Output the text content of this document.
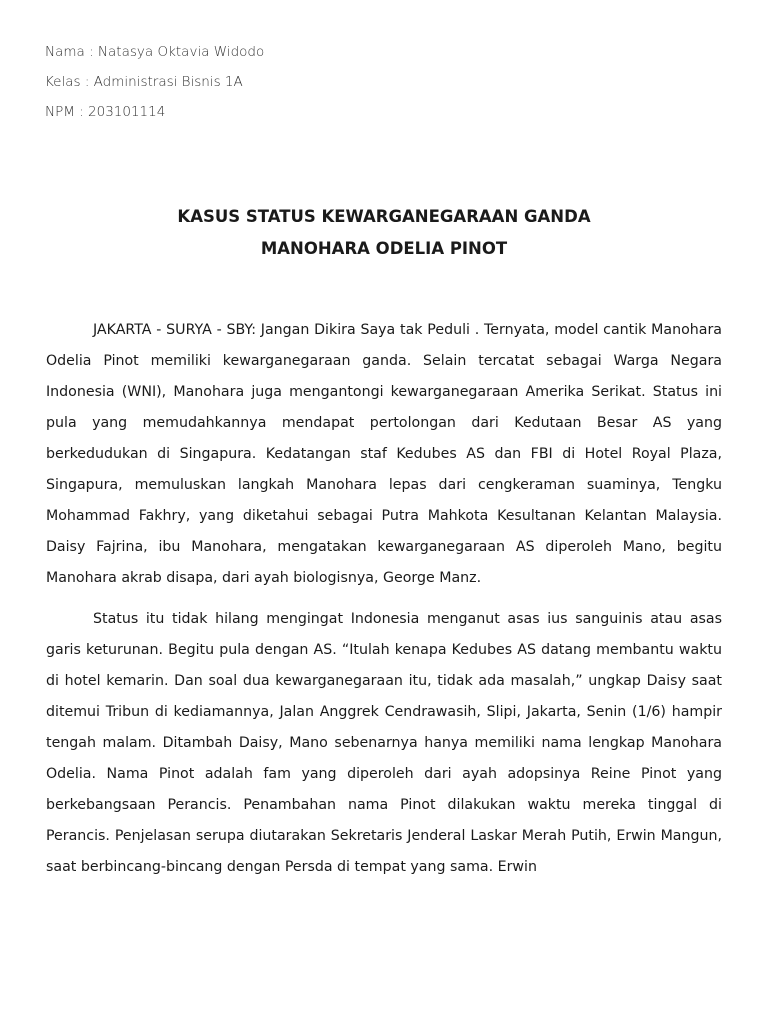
Nama : Natasya Oktavia Widodo
Kelas : Administrasi Bisnis 1A
NPM : 203101114
KASUS STATUS KEWARGANEGARAAN GANDA
MANOHARA ODELIA PINOT

JAKARTA - SURYA - SBY: Jangan Dikira Saya tak Peduli . Ternyata, model cantik Manohara Odelia Pinot memiliki kewarganegaraan ganda. Selain tercatat sebagai Warga Negara Indonesia (WNI), Manohara juga mengantongi kewarganegaraan Amerika Serikat. Status ini pula yang memudahkannya mendapat pertolongan dari Kedutaan Besar AS yang berkedudukan di Singapura. Kedatangan staf Kedubes AS dan FBI di Hotel Royal Plaza, Singapura, memuluskan langkah Manohara lepas dari cengkeraman suaminya, Tengku Mohammad Fakhry, yang diketahui sebagai Putra Mahkota Kesultanan Kelantan Malaysia. Daisy Fajrina, ibu Manohara, mengatakan kewarganegaraan AS diperoleh Mano, begitu Manohara akrab disapa, dari ayah biologisnya, George Manz.

Status itu tidak hilang mengingat Indonesia menganut asas ius sanguinis atau asas garis keturunan. Begitu pula dengan AS. “Itulah kenapa Kedubes AS datang membantu waktu di hotel kemarin. Dan soal dua kewarganegaraan itu, tidak ada masalah,” ungkap Daisy saat ditemui Tribun di kediamannya, Jalan Anggrek Cendrawasih, Slipi, Jakarta, Senin (1/6) hampir tengah malam. Ditambah Daisy, Mano sebenarnya hanya memiliki nama lengkap Manohara Odelia. Nama Pinot adalah fam yang diperoleh dari ayah adopsinya Reine Pinot yang berkebangsaan Perancis. Penambahan nama Pinot dilakukan waktu mereka tinggal di Perancis. Penjelasan serupa diutarakan Sekretaris Jenderal Laskar Merah Putih, Erwin Mangun, saat berbincang-bincang dengan Persda di tempat yang sama. Erwin
